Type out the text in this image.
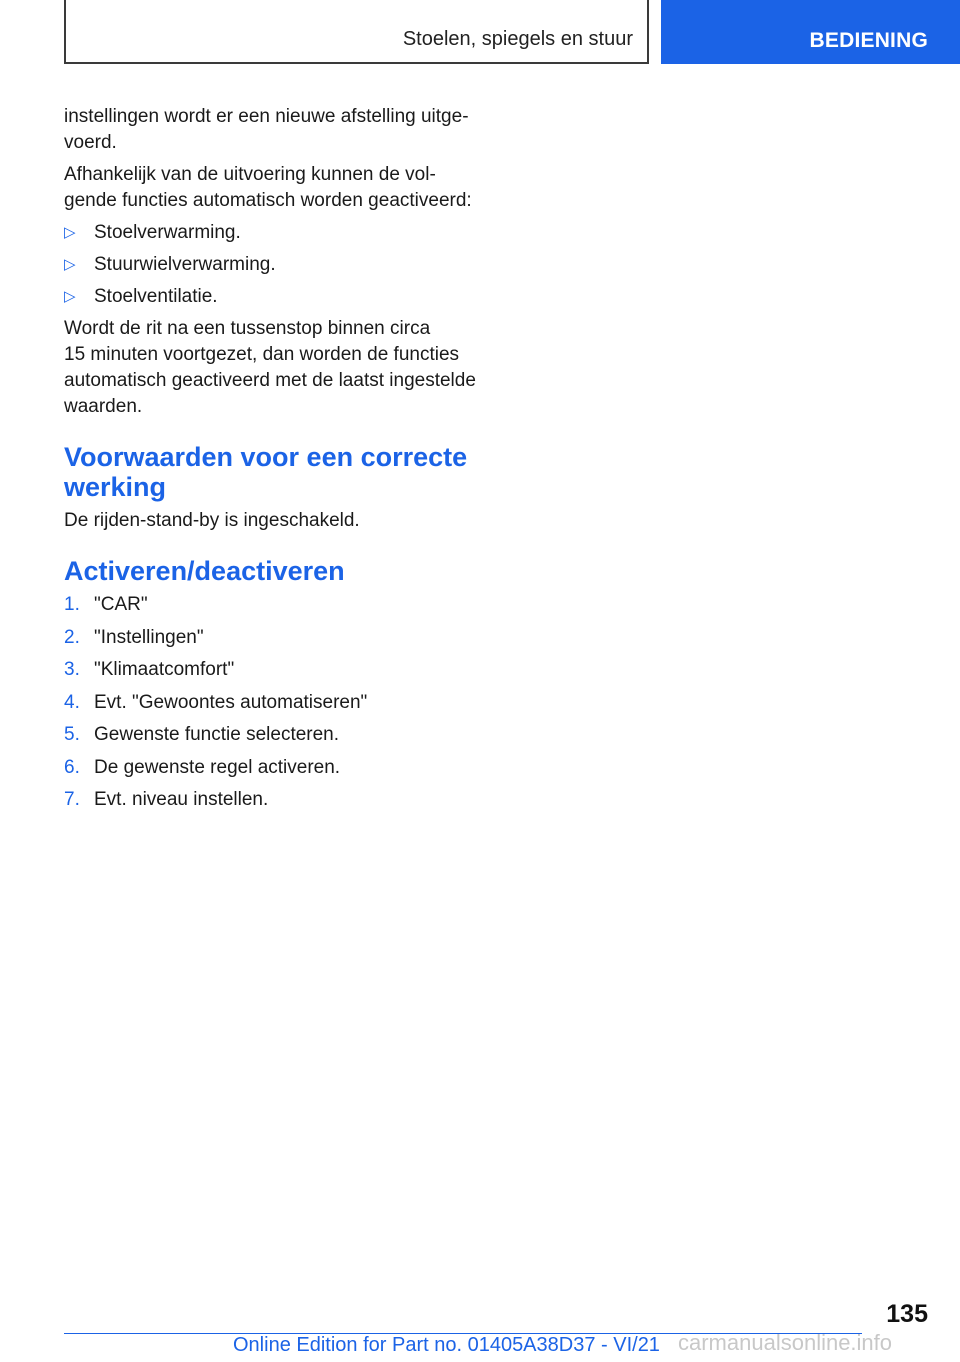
Stoelen, spiegels en stuur	BEDIENING

instellingen wordt er een nieuwe afstelling uitge-
voerd.

Afhankelijk van de uitvoering kunnen de vol-
gende functies automatisch worden geactiveerd:

▷ Stoelverwarming.
▷ Stuurwielverwarming.
▷ Stoelventilatie.

Wordt de rit na een tussenstop binnen circa
15 minuten voortgezet, dan worden de functies
automatisch geactiveerd met de laatst ingestelde
waarden.

Voorwaarden voor een correcte
werking

De rijden-stand-by is ingeschakeld.

Activeren/deactiveren
1. "CAR"
2. "Instellingen"
3. "Klimaatcomfort"
4. Evt. "Gewoontes automatiseren"
5. Gewenste functie selecteren.
6. De gewenste regel activeren.
7. Evt. niveau instellen.
135
Online Edition for Part no. 01405A38D37 - VI/21 carmanualsonline.info
